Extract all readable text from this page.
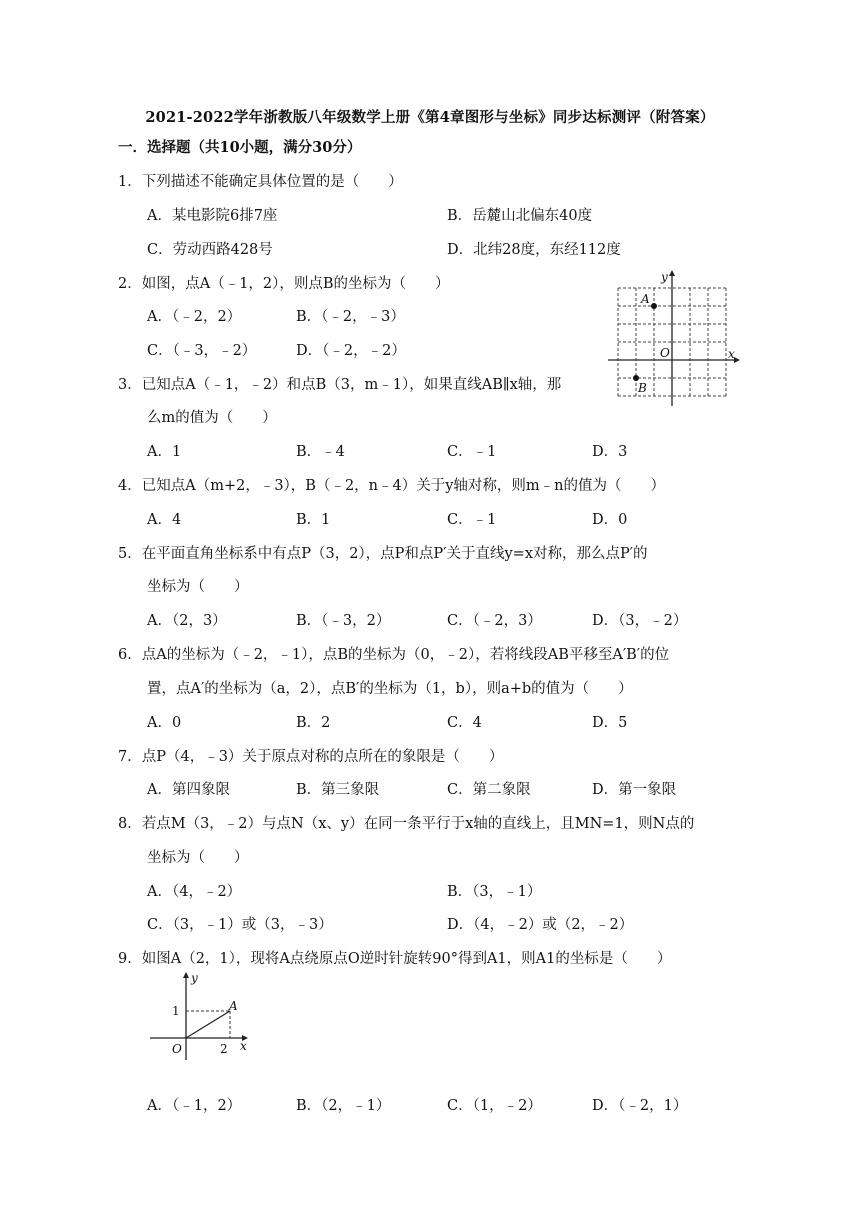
2021-2022学年浙教版八年级数学上册《第4章图形与坐标》同步达标测评（附答案）
一．选择题（共10小题，满分30分）
1．下列描述不能确定具体位置的是（　　）
A．某电影院6排7座	B．岳麓山北偏东40度
C．劳动西路428号	D．北纬28度，东经112度
2．如图，点A（﹣1，2），则点B的坐标为（　　）
A．（﹣2，2）	B．（﹣2，﹣3）
C．（﹣3，﹣2）	D．（﹣2，﹣2）
A
B
O	x
y
3．已知点A（﹣1，﹣2）和点B（3，m﹣1），如果直线AB∥x轴，那
么m的值为（　　）
A．1	B．﹣4	C．﹣1	D．3
4．已知点A（m+2，﹣3），B（﹣2，n﹣4）关于y轴对称，则m﹣n的值为（　　）
A．4	B．1	C．﹣1	D．0
5．在平面直角坐标系中有点P（3，2），点P和点P′关于直线y=x对称，那么点P′的
坐标为（　　）
A．（2，3）	B．（﹣3，2）	C．（﹣2，3）	D．（3，﹣2）
6．点A的坐标为（﹣2，﹣1），点B的坐标为（0，﹣2），若将线段AB平移至A′B′的位
置，点A′的坐标为（a，2），点B′的坐标为（1，b），则a+b的值为（　　）
A．0	B．2	C．4	D．5
7．点P（4，﹣3）关于原点对称的点所在的象限是（　　）
A．第四象限	B．第三象限	C．第二象限	D．第一象限
8．若点M（3，﹣2）与点N（x、y）在同一条平行于x轴的直线上，且MN=1，则N点的
坐标为（　　）
A．（4，﹣2）	B．（3，﹣1）
C．（3，﹣1）或（3，﹣3）	D．（4，﹣2）或（2，﹣2）
9．如图A（2，1），现将A点绕原点O逆时针旋转90°得到A1，则A1的坐标是（　　）
y
x
O
A
1
2
A．（﹣1，2）	B．（2，﹣1）	C．（1，﹣2）	D．（﹣2，1）
